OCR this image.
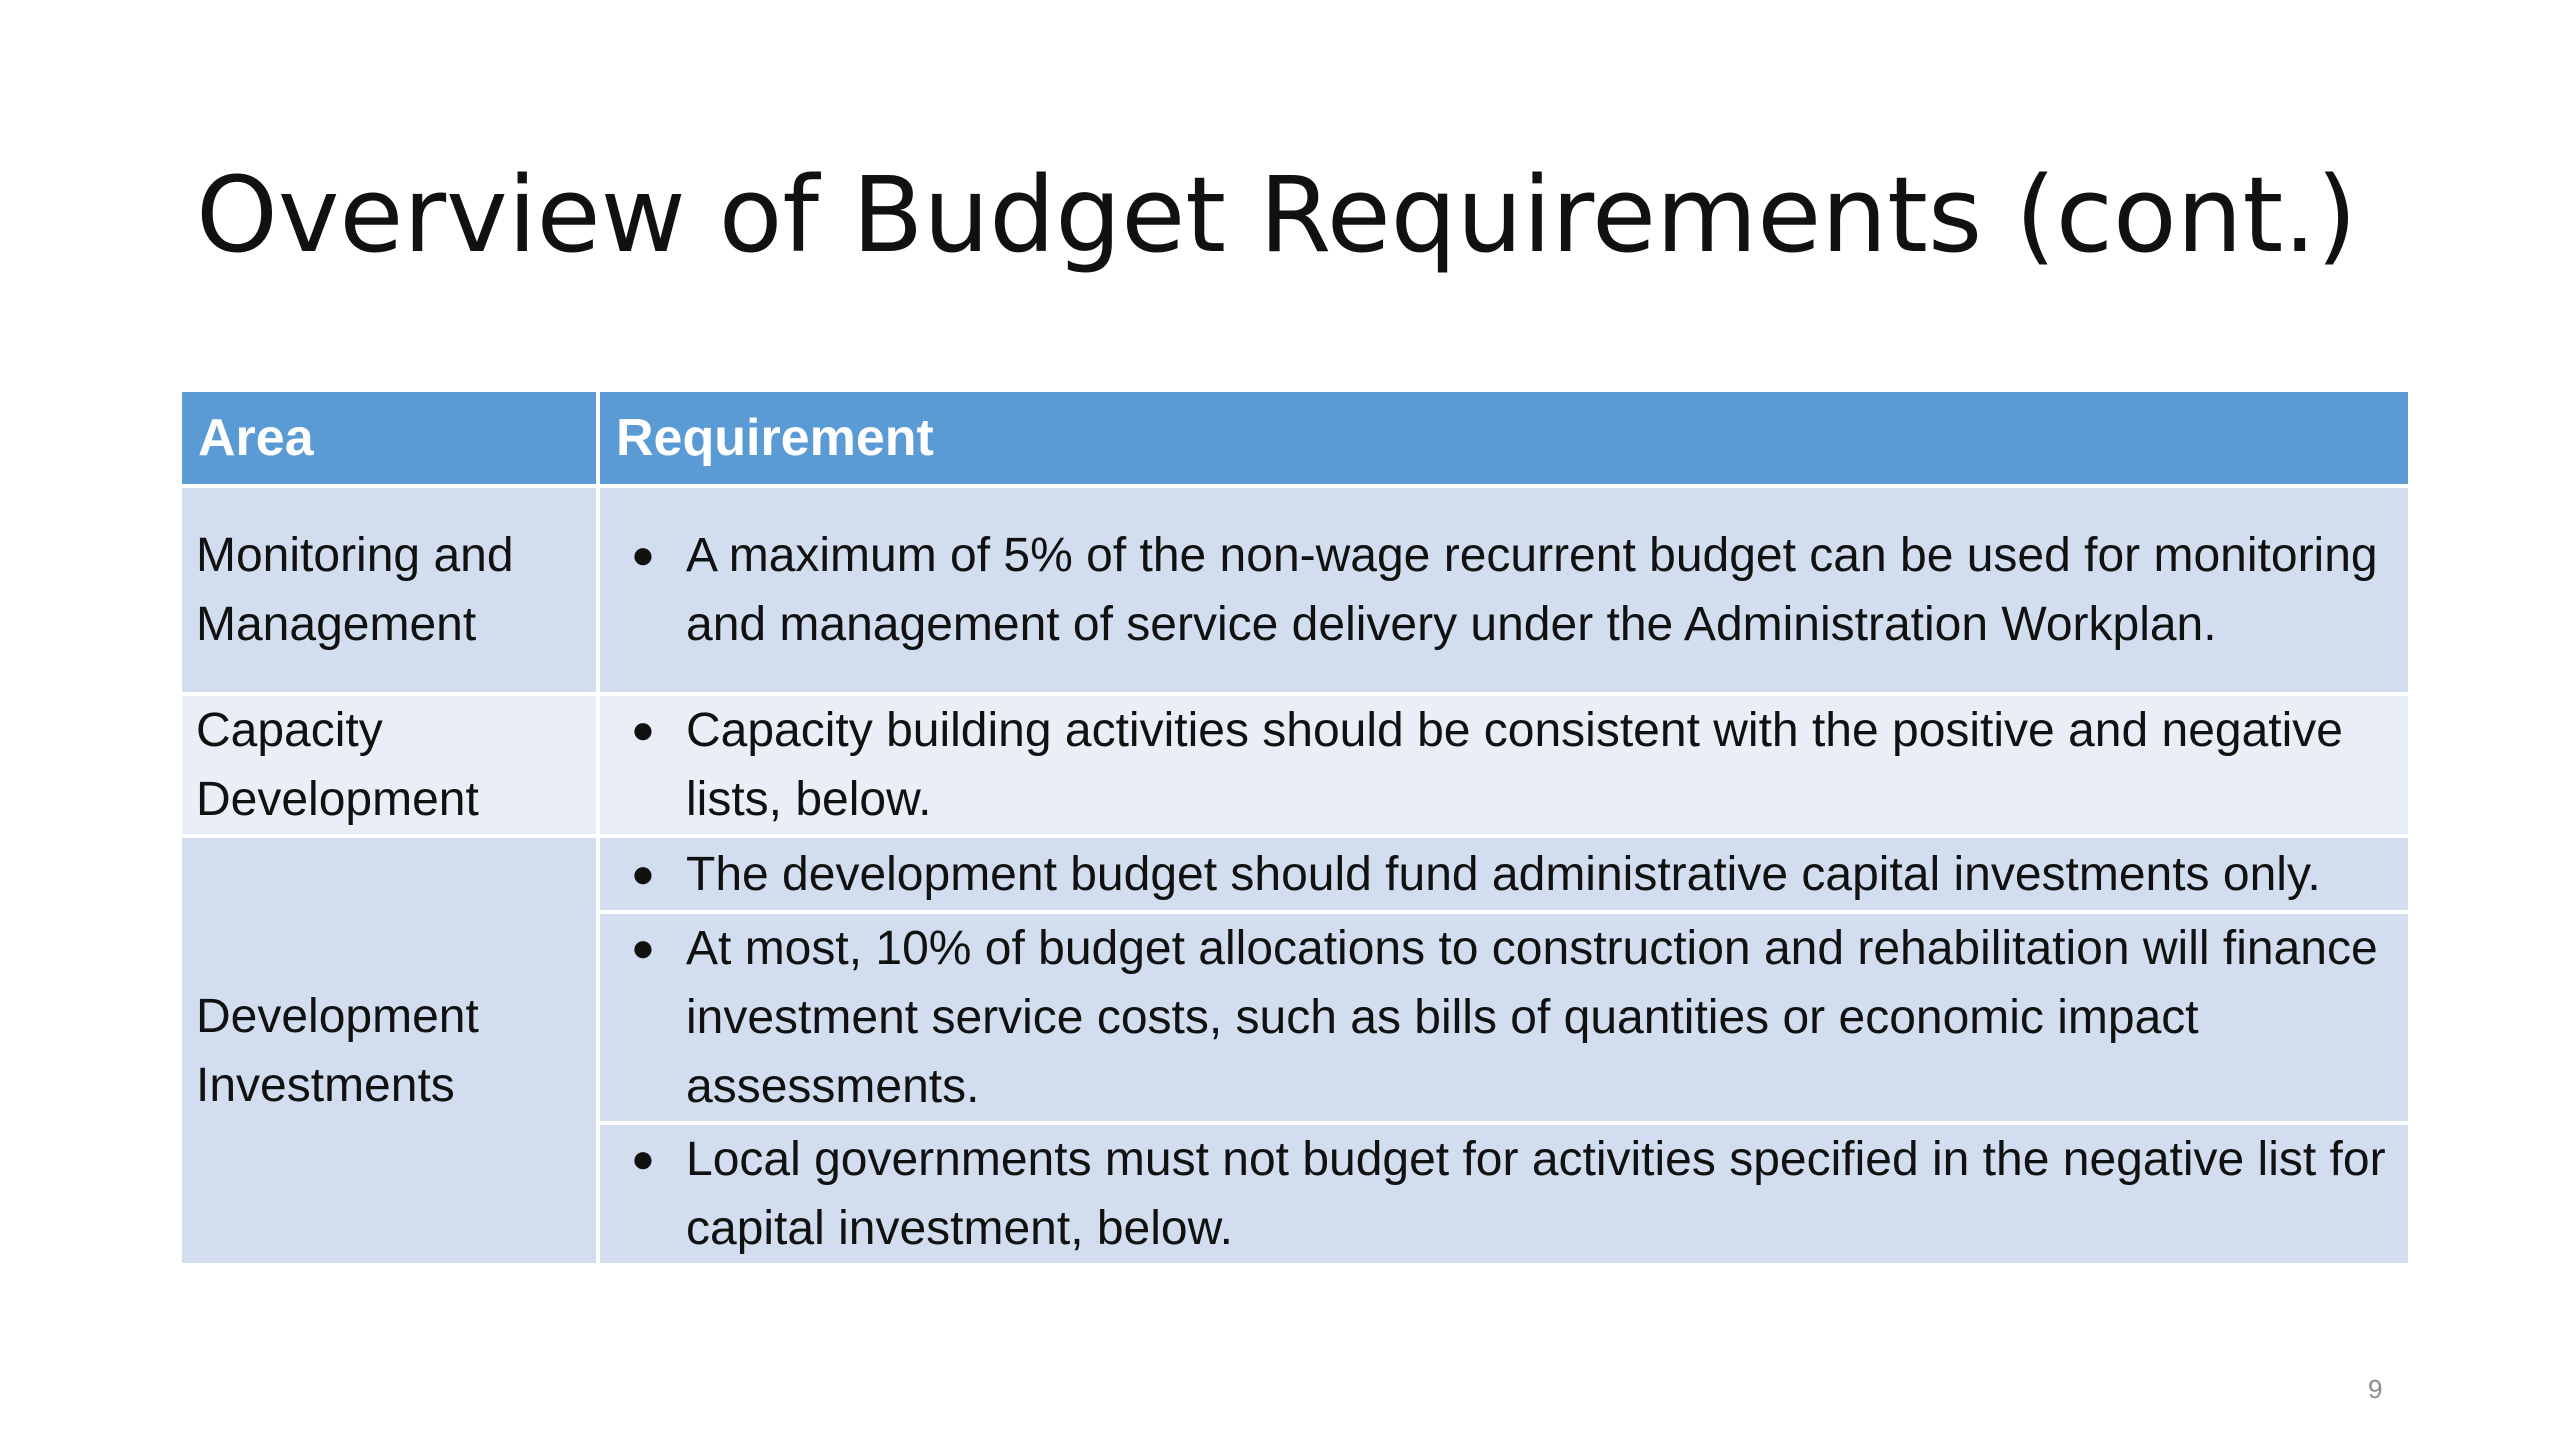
Overview of Budget Requirements (cont.)
Area	Requirement
Monitoring and Management	● A maximum of 5% of the non-wage recurrent budget can be used for monitoring and management of service delivery under the Administration Workplan.

Capacity Development	● Capacity building activities should be consistent with the positive and negative lists, below.

Development Investments	● The development budget should fund administrative capital investments only.

	● At most, 10% of budget allocations to construction and rehabilitation will finance investment service costs, such as bills of quantities or economic impact assessments.

	● Local governments must not budget for activities specified in the negative list for capital investment, below.
9
